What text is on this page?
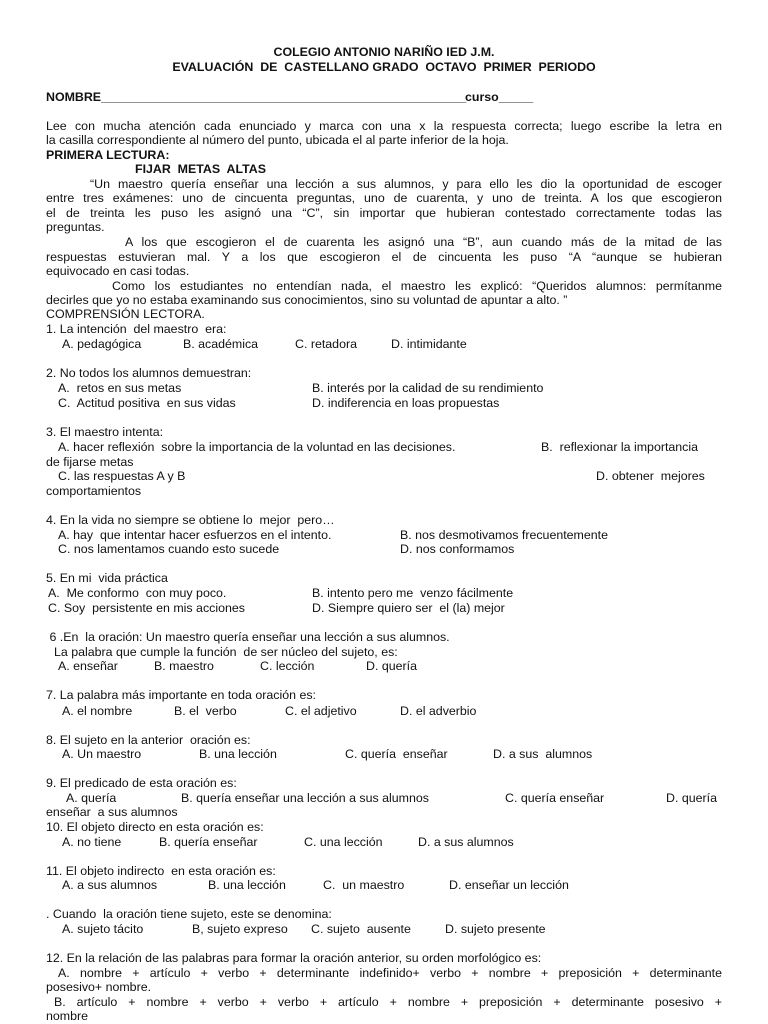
COLEGIO ANTONIO NARIÑO IED J.M.
EVALUACIÓN  DE  CASTELLANO GRADO  OCTAVO  PRIMER  PERIODO
NOMBRE_____________________________________________________
curso_____
Lee con mucha atención cada enunciado y marca con una x la respuesta correcta; luego escribe la letra en
la casilla correspondiente al número del punto, ubicada el al parte inferior de la hoja.
PRIMERA LECTURA:
FIJAR  METAS  ALTAS
“Un maestro quería enseñar una lección a sus alumnos, y para ello les dio la oportunidad de escoger
entre tres exámenes: uno de cincuenta preguntas, uno de cuarenta, y uno de treinta. A los que escogieron
el de treinta les puso les asignó una “C”, sin importar que hubieran contestado correctamente todas las
preguntas.
A los que escogieron el de cuarenta les asignó una “B”, aun cuando más de la mitad de las
respuestas estuvieran mal. Y a los que escogieron el de cincuenta les puso “A “aunque se hubieran
equivocado en casi todas.
Como los estudiantes no entendían nada, el maestro les explicó: “Queridos alumnos: permítanme
decirles que yo no estaba examinando sus conocimientos, sino su voluntad de apuntar a alto. ”
COMPRENSIÓN LECTORA.
1. La intención  del maestro  era:
A. pedagógica	B. académica	C. retadora	D. intimidante
2. No todos los alumnos demuestran:
A.  retos en sus metas	B. interés por la calidad de su rendimiento
C.  Actitud positiva  en sus vidas	D. indiferencia en loas propuestas
3. El maestro intenta:
A. hacer reflexión  sobre la importancia de la voluntad en las decisiones.	B.  reflexionar la importancia
de fijarse metas
C. las respuestas A y B	D. obtener  mejores
comportamientos
4. En la vida no siempre se obtiene lo  mejor  pero…
A. hay  que intentar hacer esfuerzos en el intento.	B. nos desmotivamos frecuentemente
C. nos lamentamos cuando esto sucede	D. nos conformamos
5. En mi  vida práctica
A.  Me conformo  con muy poco.	B. intento pero me  venzo fácilmente
C. Soy  persistente en mis acciones	D. Siempre quiero ser  el (la) mejor
6 .En  la oración: Un maestro quería enseñar una lección a sus alumnos.
La palabra que cumple la función  de ser núcleo del sujeto, es:
A. enseñar	B. maestro	C. lección	D. quería
7. La palabra más importante en toda oración es:
A. el nombre	B. el  verbo	C. el adjetivo	D. el adverbio
8. El sujeto en la anterior  oración es:
A. Un maestro	B. una lección	C. quería  enseñar	D. a sus  alumnos
9. El predicado de esta oración es:
A. quería	B. quería enseñar una lección a sus alumnos	C. quería enseñar	D. quería
enseñar  a sus alumnos
10. El objeto directo en esta oración es:
A. no tiene	B. quería enseñar	C. una lección	D. a sus alumnos
11. El objeto indirecto  en esta oración es:
A. a sus alumnos	B. una lección	C.  un maestro	D. enseñar un lección
. Cuando  la oración tiene sujeto, este se denomina:
A. sujeto tácito	B, sujeto expreso C. sujeto  ausente	D. sujeto presente
12. En la relación de las palabras para formar la oración anterior, su orden morfológico es:
A. nombre + artículo + verbo + determinante indefinido+ verbo + nombre + preposición + determinante
posesivo+ nombre.
B. artículo + nombre + verbo + verbo + artículo + nombre + preposición + determinante posesivo +
nombre
